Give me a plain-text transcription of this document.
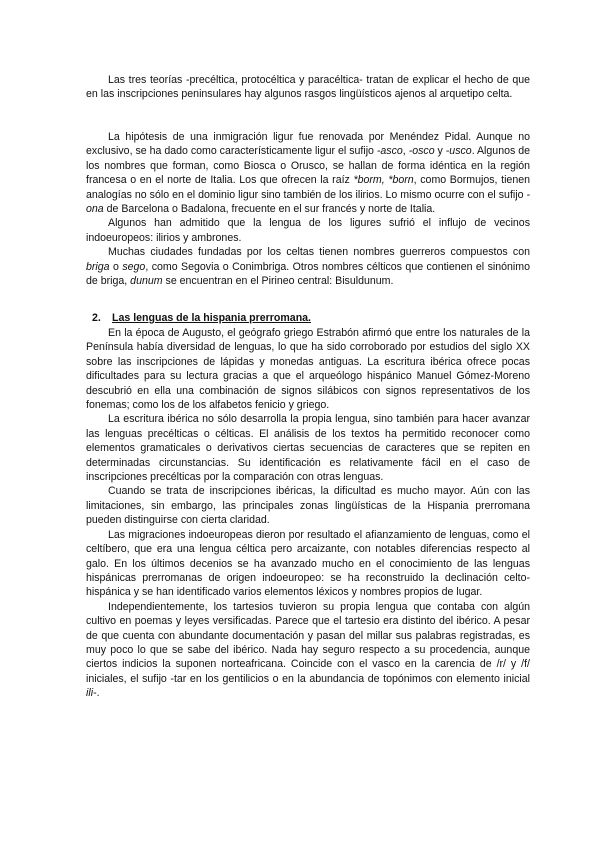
Las tres teorías -precéltica, protocéltica y paracéltica- tratan de explicar el hecho de que en las inscripciones peninsulares hay algunos rasgos lingüísticos ajenos al arquetipo celta.

La hipótesis de una inmigración ligur fue renovada por Menéndez Pidal. Aunque no exclusivo, se ha dado como característicamente ligur el sufijo -asco, -osco y -usco. Algunos de los nombres que forman, como Biosca o Orusco, se hallan de forma idéntica en la región francesa o en el norte de Italia. Los que ofrecen la raíz *borm, *born, como Bormujos, tienen analogías no sólo en el dominio ligur sino también de los ilirios. Lo mismo ocurre con el sufijo -ona de Barcelona o Badalona, frecuente en el sur francés y norte de Italia.

Algunos han admitido que la lengua de los ligures sufrió el influjo de vecinos indoeuropeos: ilirios y ambrones.

Muchas ciudades fundadas por los celtas tienen nombres guerreros compuestos con briga o sego, como Segovia o Conimbriga. Otros nombres célticos que contienen el sinónimo de briga, dunum se encuentran en el Pirineo central: Bisuldunum.

2. Las lenguas de la hispania prerromana.

En la época de Augusto, el geógrafo griego Estrabón afirmó que entre los naturales de la Península había diversidad de lenguas, lo que ha sido corroborado por estudios del siglo XX sobre las inscripciones de lápidas y monedas antiguas. La escritura ibérica ofrece pocas dificultades para su lectura gracias a que el arqueólogo hispánico Manuel Gómez-Moreno descubrió en ella una combinación de signos silábicos con signos representativos de los fonemas; como los de los alfabetos fenicio y griego.

La escritura ibérica no sólo desarrolla la propia lengua, sino también para hacer avanzar las lenguas precélticas o célticas. El análisis de los textos ha permitido reconocer como elementos gramaticales o derivativos ciertas secuencias de caracteres que se repiten en determinadas circunstancias. Su identificación es relativamente fácil en el caso de inscripciones precélticas por la comparación con otras lenguas.

Cuando se trata de inscripciones ibéricas, la dificultad es mucho mayor. Aún con las limitaciones, sin embargo, las principales zonas lingüísticas de la Hispania prerromana pueden distinguirse con cierta claridad.

Las migraciones indoeuropeas dieron por resultado el afianzamiento de lenguas, como el celtíbero, que era una lengua céltica pero arcaizante, con notables diferencias respecto al galo. En los últimos decenios se ha avanzado mucho en el conocimiento de las lenguas hispánicas prerromanas de origen indoeuropeo: se ha reconstruido la declinación celto-hispánica y se han identificado varios elementos léxicos y nombres propios de lugar.

Independientemente, los tartesios tuvieron su propia lengua que contaba con algún cultivo en poemas y leyes versificadas. Parece que el tartesio era distinto del ibérico. A pesar de que cuenta con abundante documentación y pasan del millar sus palabras registradas, es muy poco lo que se sabe del ibérico. Nada hay seguro respecto a su procedencia, aunque ciertos indicios la suponen norteafricana. Coincide con el vasco en la carencia de /r/ y /f/ iniciales, el sufijo -tar en los gentilicios o en la abundancia de topónimos con elemento inicial ili-.
